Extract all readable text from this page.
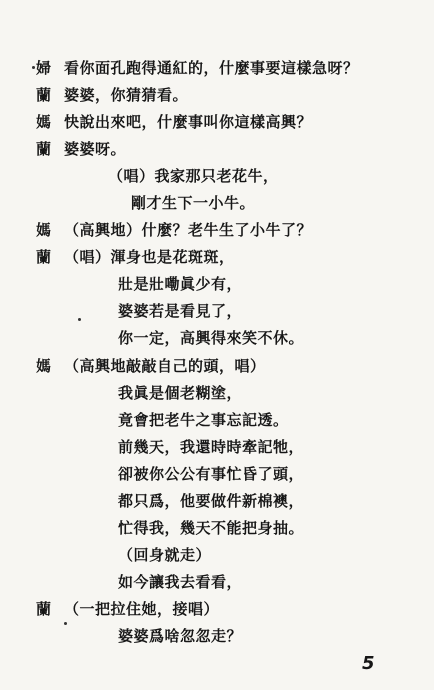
婦 看你面孔跑得通紅的，什麼事要這樣急呀？
蘭 婆婆，你猜猜看。
媽 快說出來吧，什麼事叫你這樣高興？
蘭 婆婆呀。
（唱）我家那只老花牛，
剛才生下一小牛。
媽 （高興地）什麼？老牛生了小牛了？
蘭 （唱）渾身也是花斑斑，
壯是壯嘞眞少有，
婆婆若是看見了，
你一定，高興得來笑不休。
媽 （高興地敲敲自己的頭，唱）
我眞是個老糊塗，
竟會把老牛之事忘記透。
前幾天，我還時時牽記牠，
卻被你公公有事忙昏了頭，
都只爲，他要做件新棉襖，
忙得我，幾天不能把身抽。
（回身就走）
如今讓我去看看，
蘭 （一把拉住她，接唱）
婆婆爲啥忽忽走？
5
